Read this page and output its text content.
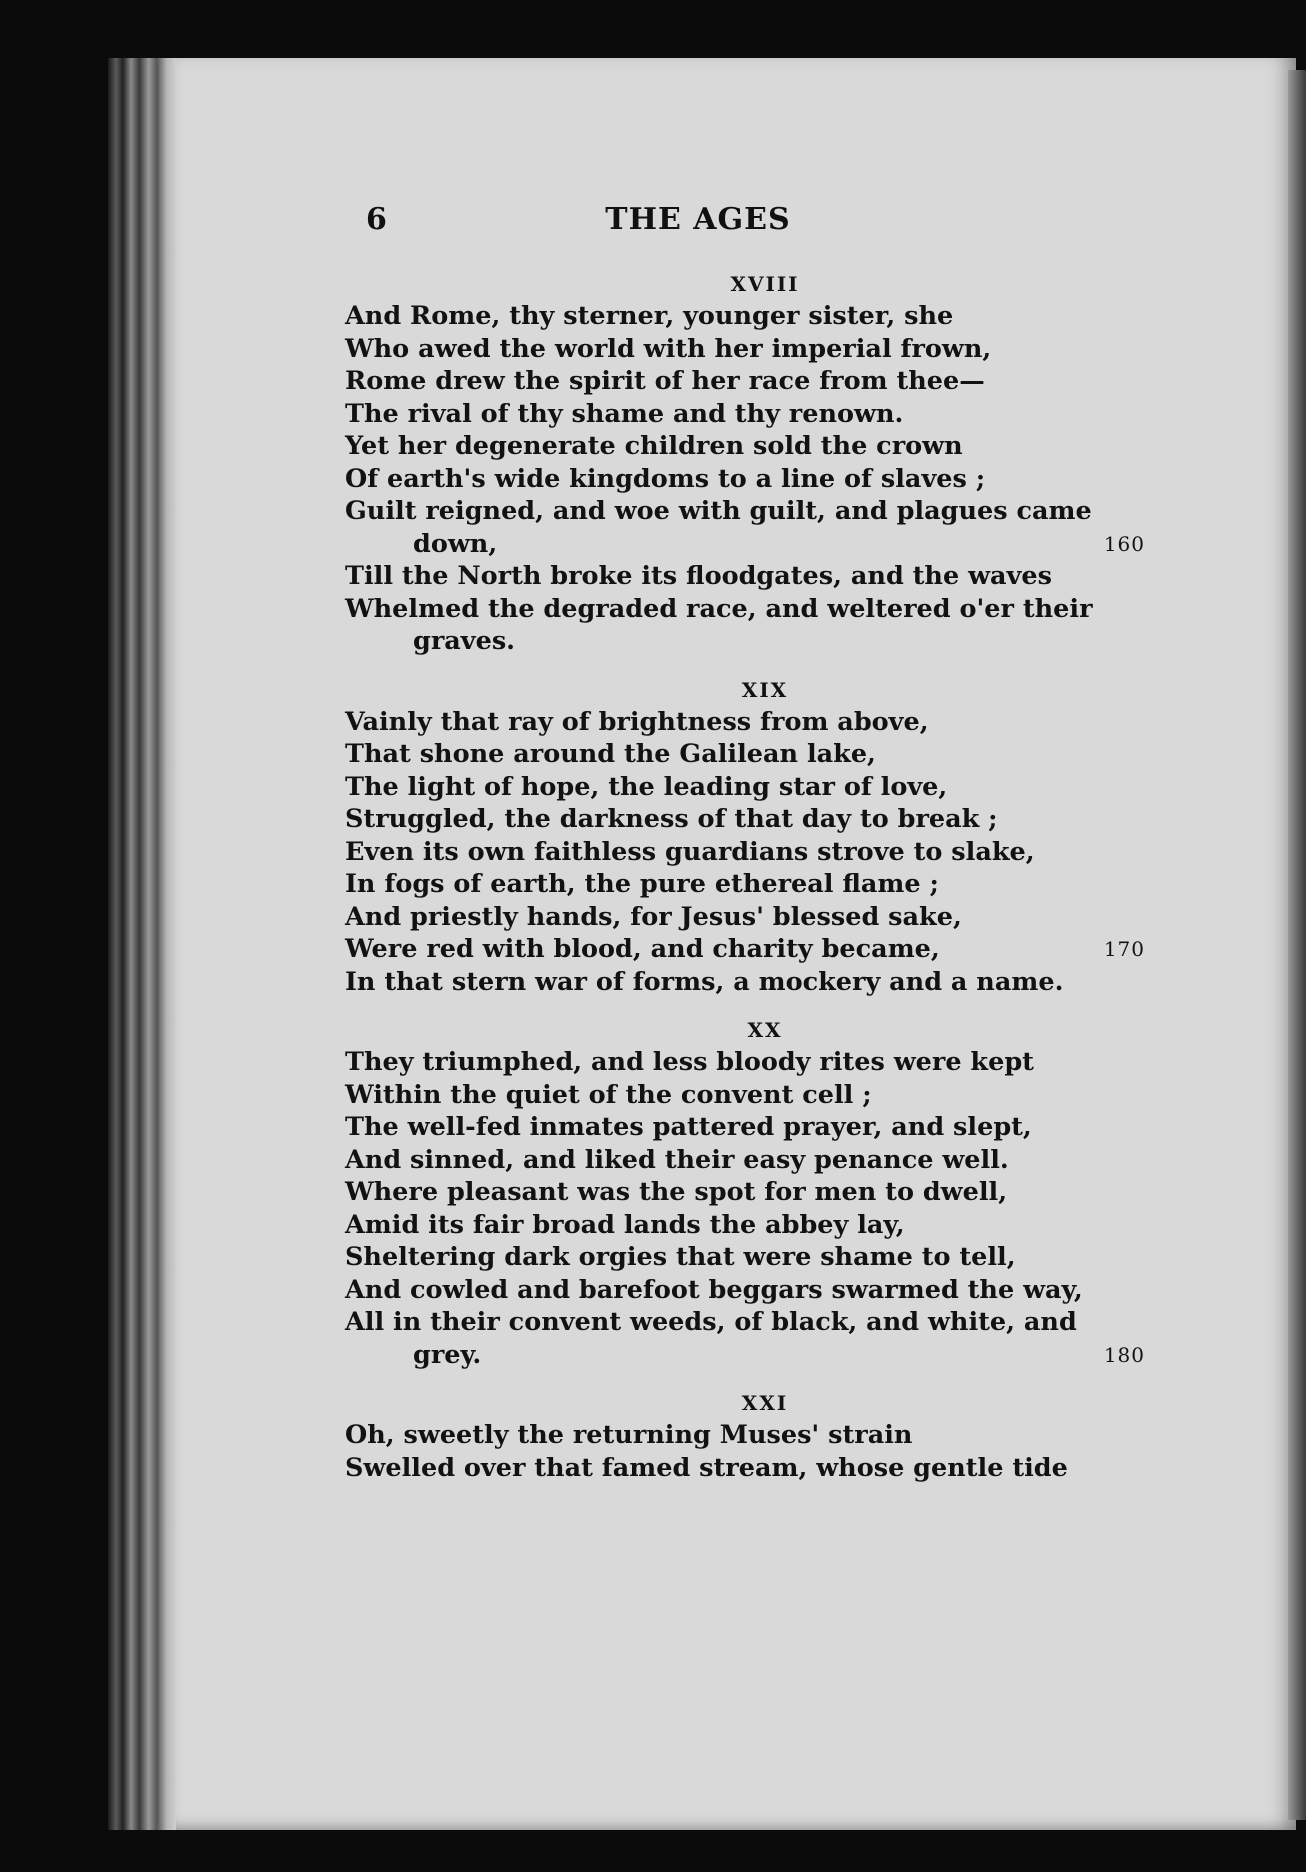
6	THE AGES
XVIII
And Rome, thy sterner, younger sister, she
Who awed the world with her imperial frown,
Rome drew the spirit of her race from thee—
The rival of thy shame and thy renown.
Yet her degenerate children sold the crown
Of earth's wide kingdoms to a line of slaves ;
Guilt reigned, and woe with guilt, and plagues came
down,	160
Till the North broke its floodgates, and the waves
Whelmed the degraded race, and weltered o'er their
graves.
XIX
Vainly that ray of brightness from above,
That shone around the Galilean lake,
The light of hope, the leading star of love,
Struggled, the darkness of that day to break ;
Even its own faithless guardians strove to slake,
In fogs of earth, the pure ethereal flame ;
And priestly hands, for Jesus' blessed sake,
Were red with blood, and charity became,	170
In that stern war of forms, a mockery and a name.
XX
They triumphed, and less bloody rites were kept
Within the quiet of the convent cell ;
The well-fed inmates pattered prayer, and slept,
And sinned, and liked their easy penance well.
Where pleasant was the spot for men to dwell,
Amid its fair broad lands the abbey lay,
Sheltering dark orgies that were shame to tell,
And cowled and barefoot beggars swarmed the way,
All in their convent weeds, of black, and white, and
grey.	180
XXI
Oh, sweetly the returning Muses' strain
Swelled over that famed stream, whose gentle tide
